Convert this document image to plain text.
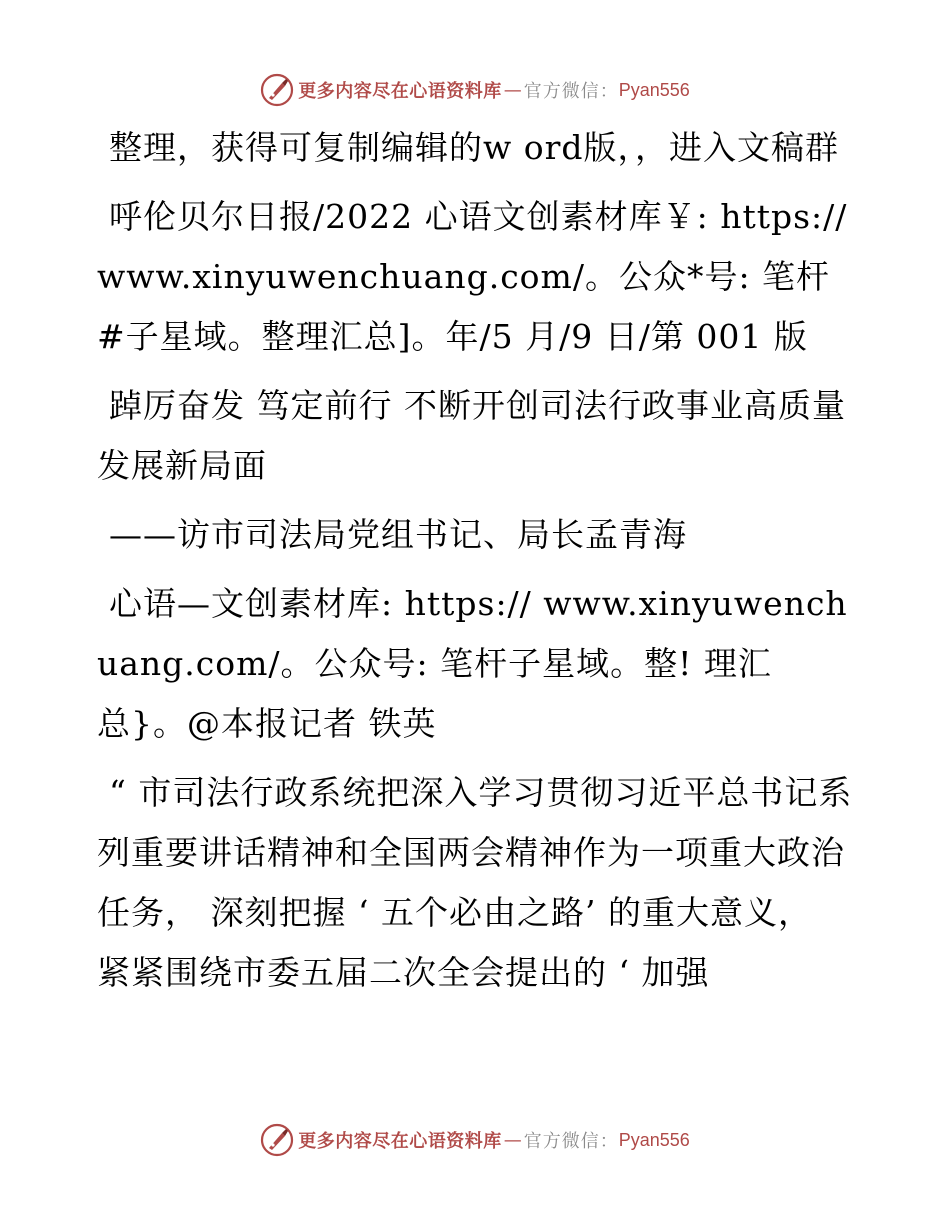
更多内容尽在心语资料库 — 官方微信： Pyan556

整理，获得可复制编辑的w ord版，，进入文稿群

呼伦贝尔日报/2022 心语文创素材库￥: https://www.xinyuwenchuang.com/。公众*号: 笔杆#子星域。整理汇总]。年/5 月/9 日/第 001 版

踔厉奋发 笃定前行 不断开创司法行政事业高质量发展新局面

——访市司法局党组书记、局长孟青海

心语—文创素材库: https:// www.xinyuwenchuang.com/。公众号: 笔杆子星域。整! 理汇总}。@本报记者 铁英

“ 市司法行政系统把深入学习贯彻习近平总书记系列重要讲话精神和全国两会精神作为一项重大政治任务， 深刻把握 ‘ 五个必由之路’ 的重大意义， 紧紧围绕市委五届二次全会提出的 ‘ 加强

更多内容尽在心语资料库 — 官方微信： Pyan556
